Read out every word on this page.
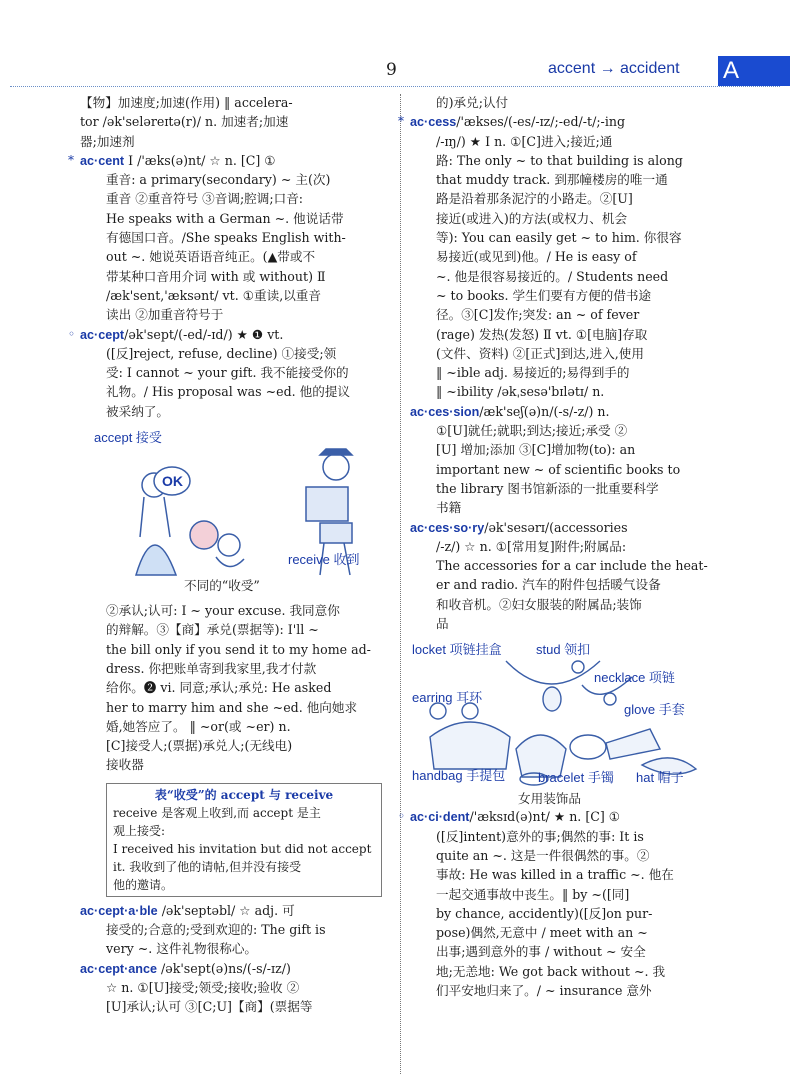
9	accent → accident A
【物】加速度;加速(作用) ‖ accelera-
tor /ək'seləreɪtə(r)/ n. 加速者;加速
器;加速剂
* ac·cent Ⅰ /'æks(ə)nt/ ☆ n. [C] ①
重音: a primary(secondary) ~ 主(次)
重音 ②重音符号 ③音调;腔调;口音:
He speaks with a German ~. 他说话带
有德国口音。/She speaks English with-
out ~. 她说英语语音纯正。(▲带或不
带某种口音用介词 with 或 without) Ⅱ
/æk'sent,'æksənt/ vt. ①重读,以重音
读出 ②加重音符号于
◦ ac·cept/ək'sept/(-ed/-ɪd/) ★ ❶ vt.
([反]reject, refuse, decline) ①接受;领
受: I cannot ~ your gift. 我不能接受你的
礼物。/ His proposal was ~ed. 他的提议
被采纳了。
accept 接受
OK
receive 收到
不同的“收受”
②承认;认可: I ~ your excuse. 我同意你
的辩解。③【商】承兑(票据等): I'll ~
the bill only if you send it to my home ad-
dress. 你把账单寄到我家里,我才付款
给你。❷ vi. 同意;承认;承兑: He asked
her to marry him and she ~ed. 他向她求
婚,她答应了。 ‖ ~or(或 ~er) n.
[C]接受人;(票据)承兑人;(无线电)
接收器
表“收受”的 accept 与 receive
receive 是客观上收到,而 accept 是主
观上接受:
I received his invitation but did not accept
it. 我收到了他的请帖,但并没有接受
他的邀请。
ac·cept·a·ble /ək'septəbl/ ☆ adj. 可
接受的;合意的;受到欢迎的: The gift is
very ~. 这件礼物很称心。
ac·cept·ance /ək'sept(ə)ns/(-s/-ɪz/)
☆ n. ①[U]接受;领受;接收;验收 ②
[U]承认;认可 ③[C;U]【商】(票据等
的)承兑;认付
* ac·cess/'ækses/(-es/-ɪz/;-ed/-t/;-ing
/-ɪŋ/) ★ Ⅰ n. ①[C]进入;接近;通
路: The only ~ to that building is along
that muddy track. 到那幢楼房的唯一通
路是沿着那条泥泞的小路走。②[U]
接近(或进入)的方法(或权力、机会
等): You can easily get ~ to him. 你很容
易接近(或见到)他。/ He is easy of
~. 他是很容易接近的。/ Students need
~ to books. 学生们要有方便的借书途
径。③[C]发作;突发: an ~ of fever
(rage) 发热(发怒) Ⅱ vt. ①[电脑]存取
(文件、资料) ②[正式]到达,进入,使用
‖ ~ible adj. 易接近的;易得到手的
‖ ~ibility /əkˌsesə'bɪlətɪ/ n.
ac·ces·sion/æk'seʃ(ə)n/(-s/-z/) n.
①[U]就任;就职;到达;接近;承受 ②
[U] 增加;添加 ③[C]增加物(to): an
important new ~ of scientific books to
the library 图书馆新添的一批重要科学
书籍
ac·ces·so·ry/ək'sesərɪ/(accessories
/-z/) ☆ n. ①[常用复]附件;附属品:
The accessories for a car include the heat-
er and radio. 汽车的附件包括暖气设备
和收音机。②妇女服装的附属品;装饰
品
locket 项链挂盒	stud 领扣
necklace 项链
earring 耳环
glove 手套
handbag 手提包	bracelet 手镯 hat 帽子
女用装饰品
◦ ac·ci·dent/'æksɪd(ə)nt/ ★ n. [C] ①
([反]intent)意外的事;偶然的事: It is
quite an ~. 这是一件很偶然的事。②
事故: He was killed in a traffic ~. 他在
一起交通事故中丧生。‖ by ~([同]
by chance, accidently)([反]on pur-
pose)偶然,无意中 / meet with an ~
出事;遇到意外的事 / without ~ 安全
地;无恙地: We got back without ~. 我
们平安地归来了。/ ~ insurance 意外
